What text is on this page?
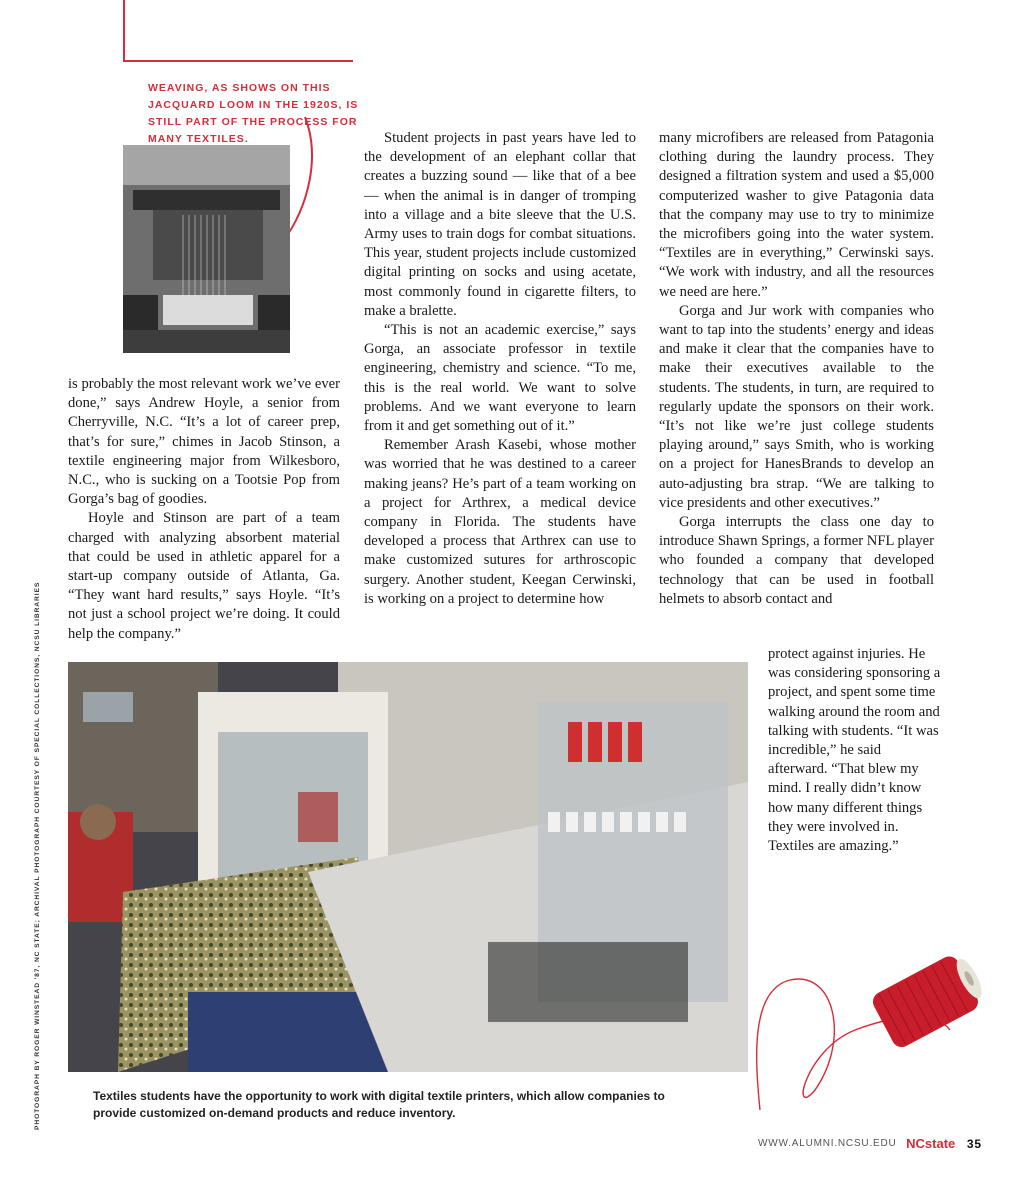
WEAVING, AS SHOWS ON THIS JACQUARD LOOM IN THE 1920S, IS STILL PART OF THE PROCESS FOR MANY TEXTILES.

is probably the most relevant work we’ve ever done,” says Andrew Hoyle, a senior from Cherryville, N.C. “It’s a lot of career prep, that’s for sure,” chimes in Jacob Stinson, a textile engineering major from Wilkesboro, N.C., who is sucking on a Tootsie Pop from Gorga’s bag of goodies.

Hoyle and Stinson are part of a team charged with analyzing absorbent material that could be used in athletic apparel for a start-up company outside of Atlanta, Ga. “They want hard results,” says Hoyle. “It’s not just a school project we’re doing. It could help the company.”

Student projects in past years have led to the development of an elephant collar that creates a buzzing sound — like that of a bee — when the animal is in danger of tromping into a village and a bite sleeve that the U.S. Army uses to train dogs for combat situations. This year, student projects include customized digital printing on socks and using acetate, most commonly found in cigarette filters, to make a bralette.

“This is not an academic exercise,” says Gorga, an associate professor in textile engineering, chemistry and science. “To me, this is the real world. We want to solve problems. And we want everyone to learn from it and get something out of it.”

Remember Arash Kasebi, whose mother was worried that he was destined to a career making jeans? He’s part of a team working on a project for Arthrex, a medical device company in Florida. The students have developed a process that Arthrex can use to make customized sutures for arthroscopic surgery. Another student, Keegan Cerwinski, is working on a project to determine how

many microfibers are released from Patagonia clothing during the laundry process. They designed a filtration system and used a $5,000 computerized washer to give Patagonia data that the company may use to try to minimize the microfibers going into the water system. “Textiles are in everything,” Cerwinski says. “We work with industry, and all the resources we need are here.”

Gorga and Jur work with companies who want to tap into the students’ energy and ideas and make it clear that the companies have to make their executives available to the students. The students, in turn, are required to regularly update the sponsors on their work. “It’s not like we’re just college students playing around,” says Smith, who is working on a project for HanesBrands to develop an auto-adjusting bra strap. “We are talking to vice presidents and other executives.”

Gorga interrupts the class one day to introduce Shawn Springs, a former NFL player who founded a company that developed technology that can be used in football helmets to absorb contact and

protect against injuries. He was considering sponsoring a project, and spent some time walking around the room and talking with students. “It was incredible,” he said afterward. “That blew my mind. I really didn’t know how many different things they were involved in. Textiles are amazing.”

PHOTOGRAPH BY ROGER WINSTEAD '87, NC STATE; ARCHIVAL PHOTOGRAPH COURTESY OF SPECIAL COLLECTIONS, NCSU LIBRARIES	Textiles students have the opportunity to work with digital textile printers, which allow companies to provide customized on-demand products and reduce inventory.
WWW.ALUMNI.NCSU.EDU NCstate 35
